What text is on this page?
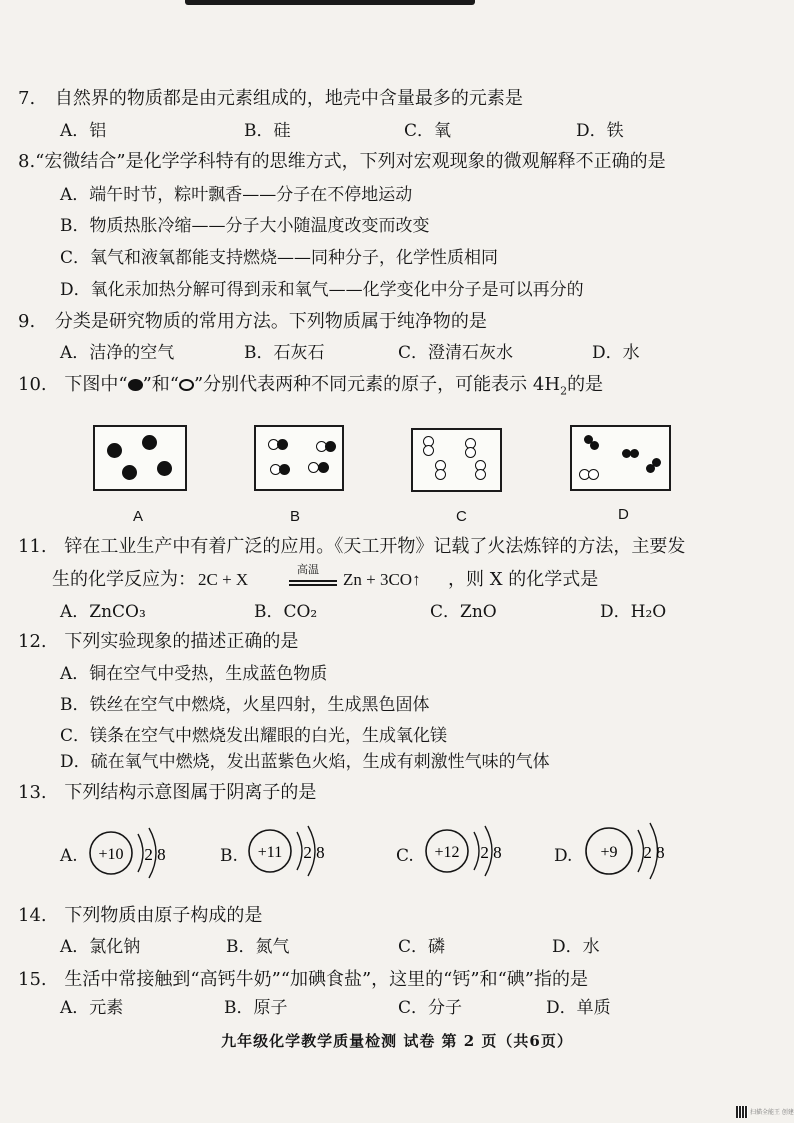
7. 自然界的物质都是由元素组成的，地壳中含量最多的元素是
A．铝	B．硅	C．氧	D．铁
8.“宏微结合”是化学学科特有的思维方式，下列对宏观现象的微观解释不正确的是
A．端午时节，粽叶飘香——分子在不停地运动
B．物质热胀冷缩——分子大小随温度改变而改变
C．氧气和液氧都能支持燃烧——同种分子，化学性质相同
D．氧化汞加热分解可得到汞和氧气——化学变化中分子是可以再分的
9. 分类是研究物质的常用方法。下列物质属于纯净物的是
A．洁净的空气	B．石灰石	C．澄清石灰水	D．水
10. 下图中“ ”和“ ”分别代表两种不同元素的原子，可能表示 $4H_2$的是
A	B	C	D
11. 锌在工业生产中有着广泛的应用。《天工开物》记载了火法炼锌的方法，主要发
生的化学反应为： 2C + X
高温
Zn + 3CO↑ ，则 X 的化学式是
A．ZnCO₃	B．CO₂	C．ZnO	D．H₂O
12. 下列实验现象的描述正确的是
A．铜在空气中受热，生成蓝色物质
B．铁丝在空气中燃烧，火星四射，生成黑色固体
C．镁条在空气中燃烧发出耀眼的白光，生成氧化镁
D．硫在氧气中燃烧，发出蓝紫色火焰，生成有刺激性气味的气体
13. 下列结构示意图属于阴离子的是
A. +10 2 8	B. +11 2 8	C. +12 2 8	D. +9 2 8
14. 下列物质由原子构成的是
A．氯化钠	B．氮气	C．磷	D．水
15. 生活中常接触到“高钙牛奶”“加碘食盐”，这里的“钙”和“碘”指的是
A．元素	B．原子	C．分子	D．单质
九年级化学教学质量检测 试卷 第 2 页（共6页）
扫描全能王 创建
